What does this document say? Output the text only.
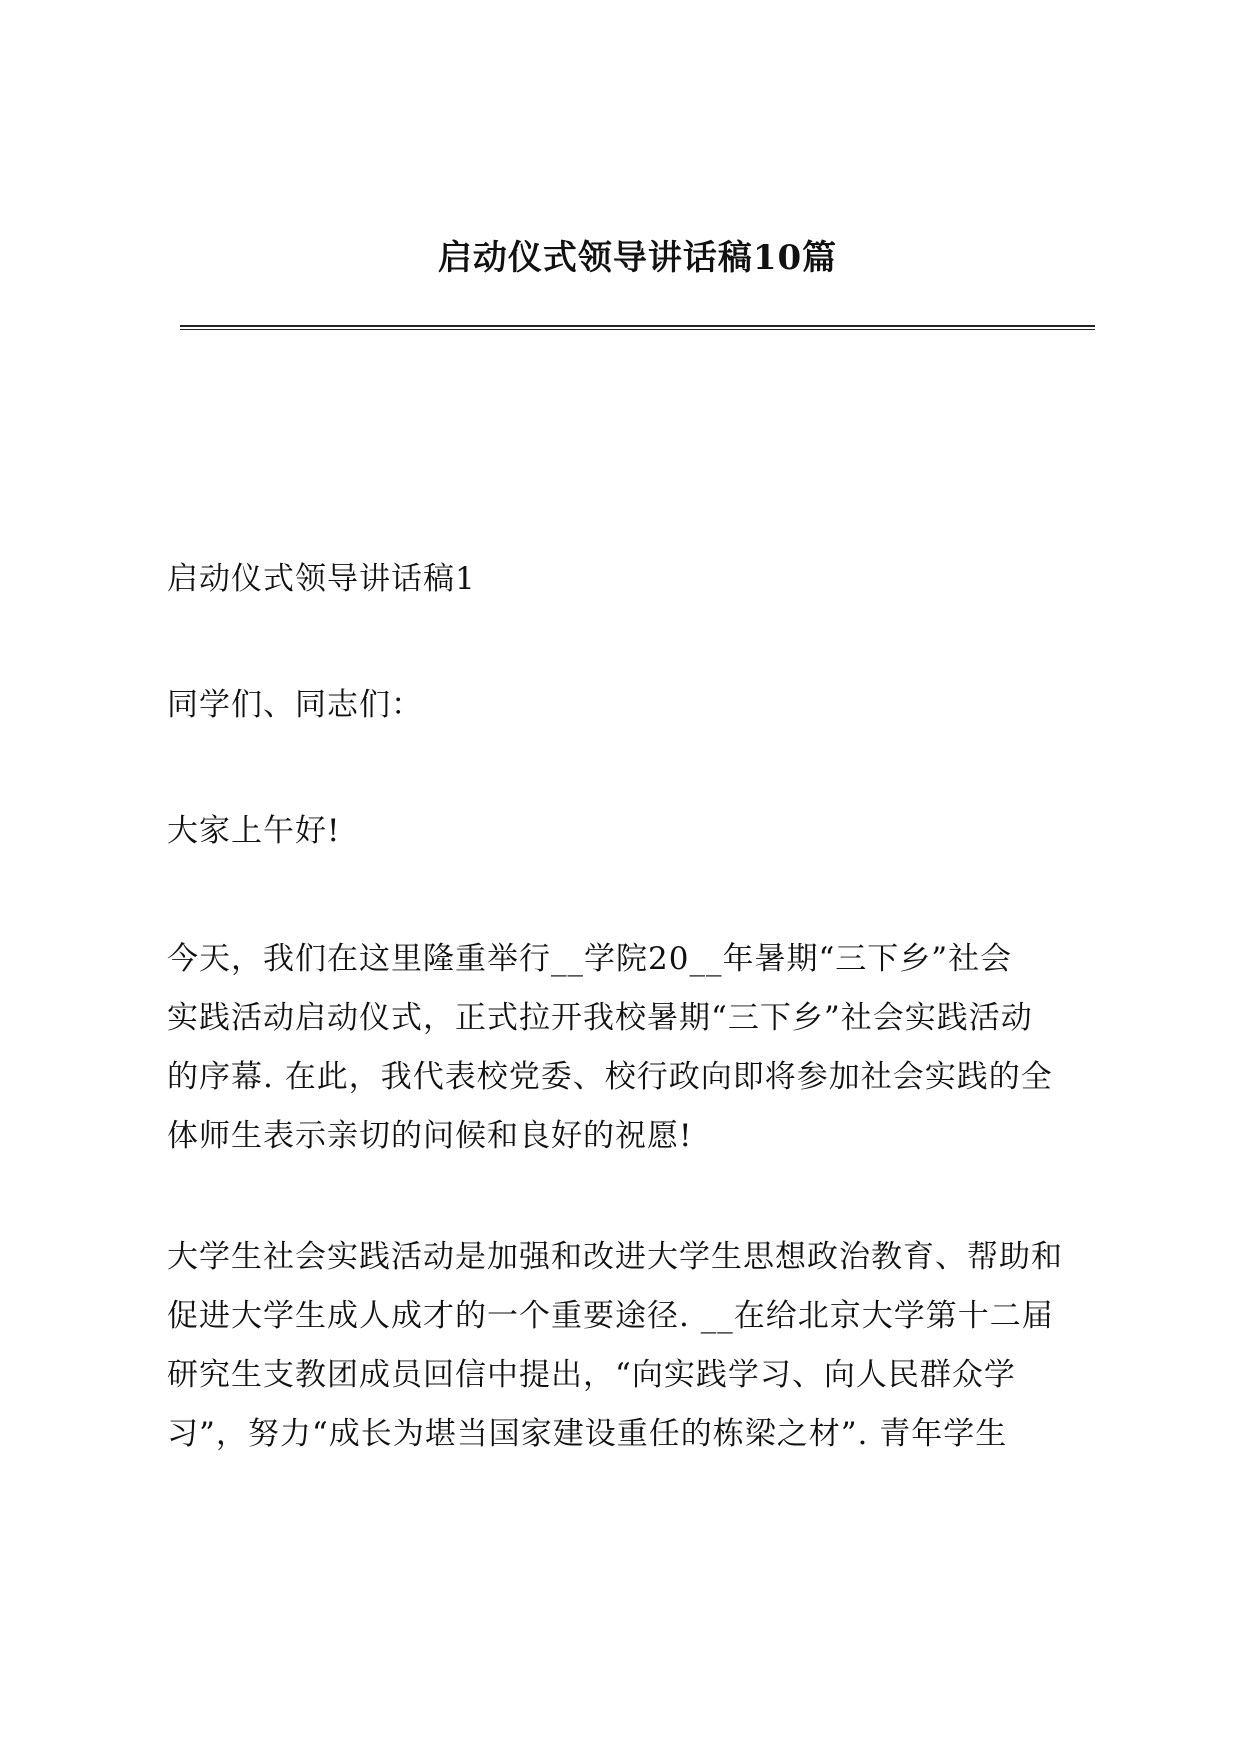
启动仪式领导讲话稿10篇
启动仪式领导讲话稿1
同学们、同志们：
大家上午好!
今天，我们在这里隆重举行__学院20__年暑期“三下乡”社会
实践活动启动仪式，正式拉开我校暑期“三下乡”社会实践活动
的序幕. 在此，我代表校党委、校行政向即将参加社会实践的全
体师生表示亲切的问候和良好的祝愿!
大学生社会实践活动是加强和改进大学生思想政治教育、帮助和
促进大学生成人成才的一个重要途径. __在给北京大学第十二届
研究生支教团成员回信中提出，“向实践学习、向人民群众学
习”，努力“成长为堪当国家建设重任的栋梁之材”. 青年学生
